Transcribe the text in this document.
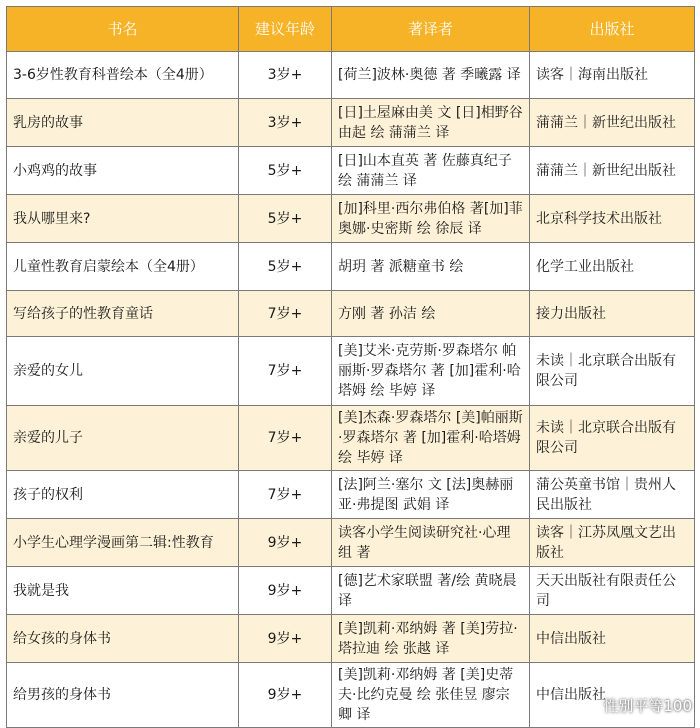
书名	建议年龄	著译者	出版社
3-6岁性教育科普绘本（全4册）	3岁+	[荷兰]波林·奥德 著 季曦露 译	读客｜海南出版社
乳房的故事	3岁+	[日]土屋麻由美 文 [日]相野谷由起 绘 蒲蒲兰 译	蒲蒲兰｜新世纪出版社
小鸡鸡的故事	5岁+	[日]山本直英 著 佐藤真纪子 绘 蒲蒲兰 译	蒲蒲兰｜新世纪出版社
我从哪里来?	5岁+	[加]科里·西尔弗伯格 著[加]菲奥娜·史密斯 绘 徐辰 译	北京科学技术出版社
儿童性教育启蒙绘本（全4册）	5岁+	胡玥 著 派糖童书 绘	化学工业出版社
写给孩子的性教育童话	7岁+	方刚 著 孙洁 绘	接力出版社
亲爱的女儿	7岁+	[美]艾米·克劳斯·罗森塔尔 帕丽斯·罗森塔尔 著 [加]霍利·哈塔姆 绘 毕婷 译	未读｜北京联合出版有限公司
亲爱的儿子	7岁+	[美]杰森·罗森塔尔 [美]帕丽斯·罗森塔尔 著 [加]霍利·哈塔姆 绘 毕婷 译	未读｜北京联合出版有限公司
孩子的权利	7岁+	[法]阿兰·塞尔 文 [法]奥赫丽亚·弗提图 武娟 译	蒲公英童书馆｜贵州人民出版社
小学生心理学漫画第二辑:性教育	9岁+	读客小学生阅读研究社·心理组 著	读客｜江苏凤凰文艺出版社
我就是我	9岁+	[德]艺术家联盟 著/绘 黄晓晨 译	天天出版社有限责任公司
给女孩的身体书	9岁+	[美]凯莉·邓纳姆 著 [美]劳拉·塔拉迪 绘 张越 译	中信出版社
给男孩的身体书	9岁+	[美]凯莉·邓纳姆 著 [美]史蒂夫·比约克曼 绘 张佳昱 廖宗卿 译	中信出版社
性别平等100
